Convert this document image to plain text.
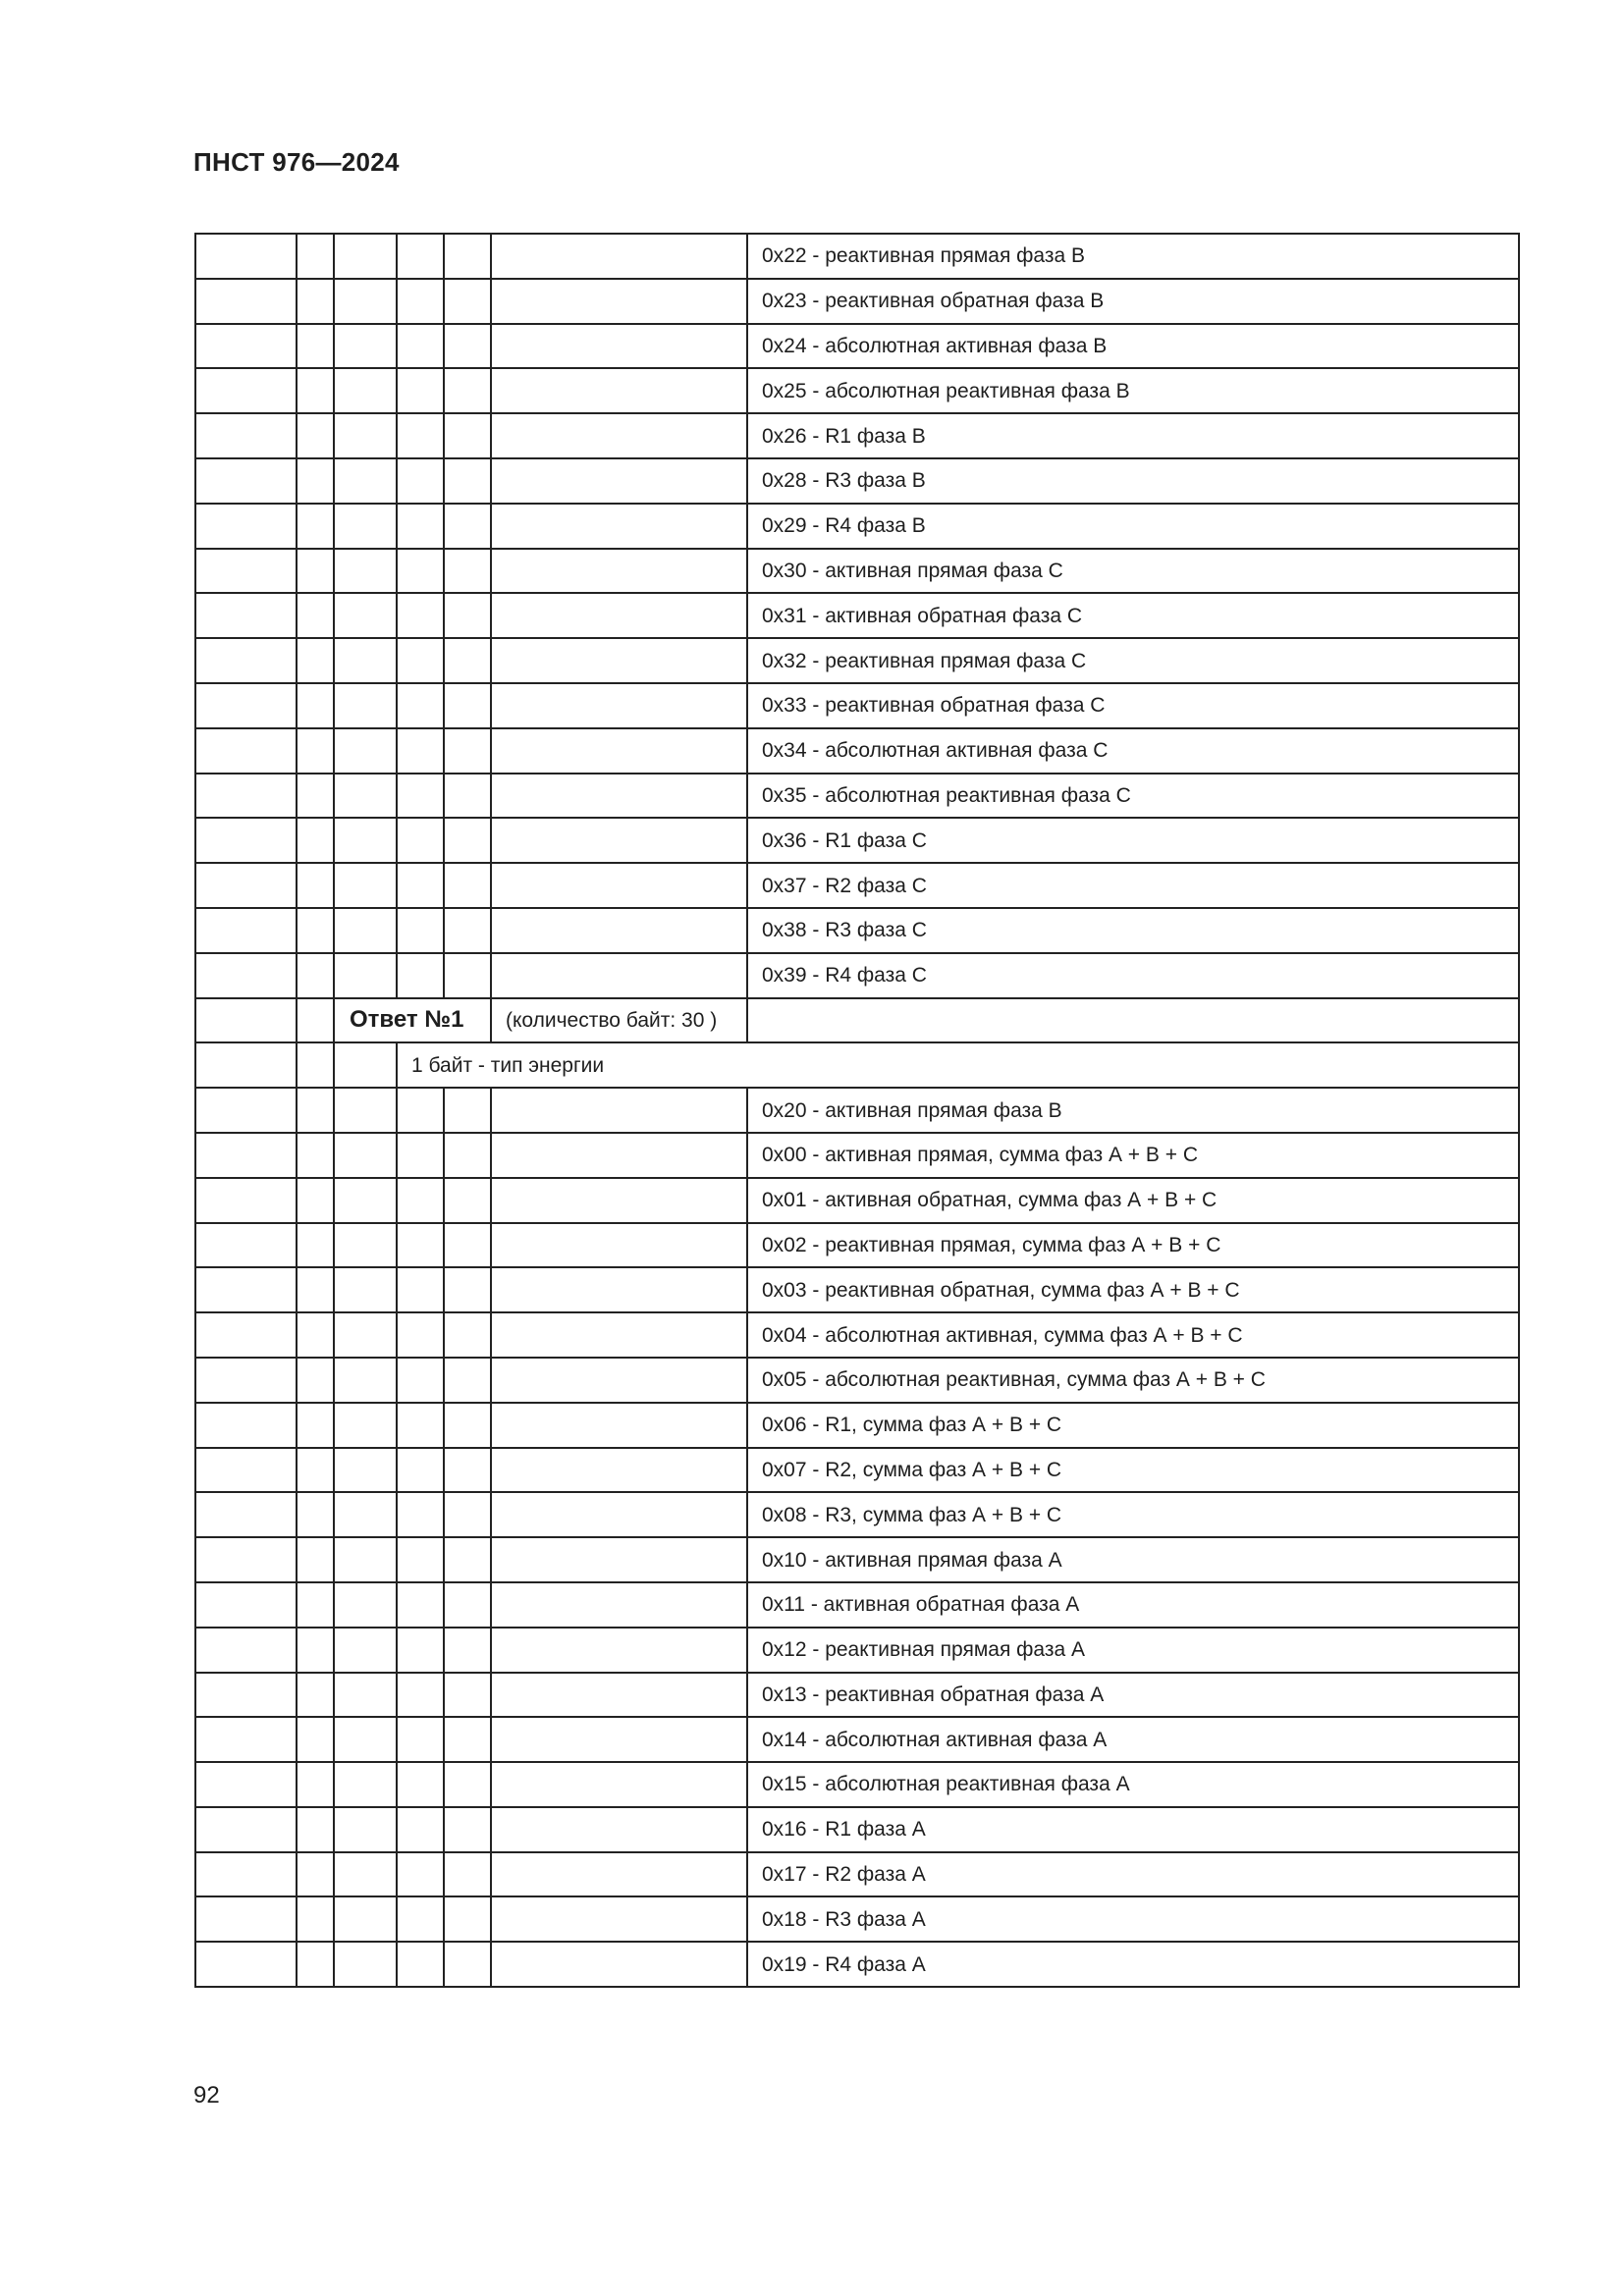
ПНСТ 976—2024
						0x22 - реактивная прямая фаза В
						0x23 - реактивная обратная фаза В
						0x24 - абсолютная активная фаза В
						0x25 - абсолютная реактивная фаза В
						0x26 - R1 фаза В
						0x28 - R3 фаза В
						0x29 - R4 фаза В
						0x30 - активная прямая фаза С
						0x31 - активная обратная фаза С
						0x32 - реактивная прямая фаза С
						0x33 - реактивная обратная фаза С
						0x34 - абсолютная активная фаза С
						0x35 - абсолютная реактивная фаза С
						0x36 - R1 фаза С
						0x37 - R2 фаза С
						0x38 - R3 фаза С
						0x39 - R4 фаза С
		Ответ №1			(количество байт: 30 )	
			1 байт - тип энергии			
						0x20 - активная прямая фаза В
						0x00 - активная прямая, сумма фаз А + В + С
						0x01 - активная обратная, сумма фаз А + В + С
						0x02 - реактивная прямая, сумма фаз А + В + С
						0x03 - реактивная обратная, сумма фаз А + В + С
						0x04 - абсолютная активная, сумма фаз А + В + С
						0x05 - абсолютная реактивная, сумма фаз А + В + С
						0x06 - R1, сумма фаз А + В + С
						0x07 - R2, сумма фаз А + В + С
						0x08 - R3, сумма фаз А + В + С
						0x10 - активная прямая фаза А
						0x11 - активная обратная фаза А
						0x12 - реактивная прямая фаза А
						0x13 - реактивная обратная фаза А
						0x14 - абсолютная активная фаза А
						0x15 - абсолютная реактивная фаза А
						0x16 - R1 фаза А
						0x17 - R2 фаза А
						0x18 - R3 фаза А
						0x19 - R4 фаза А
92
